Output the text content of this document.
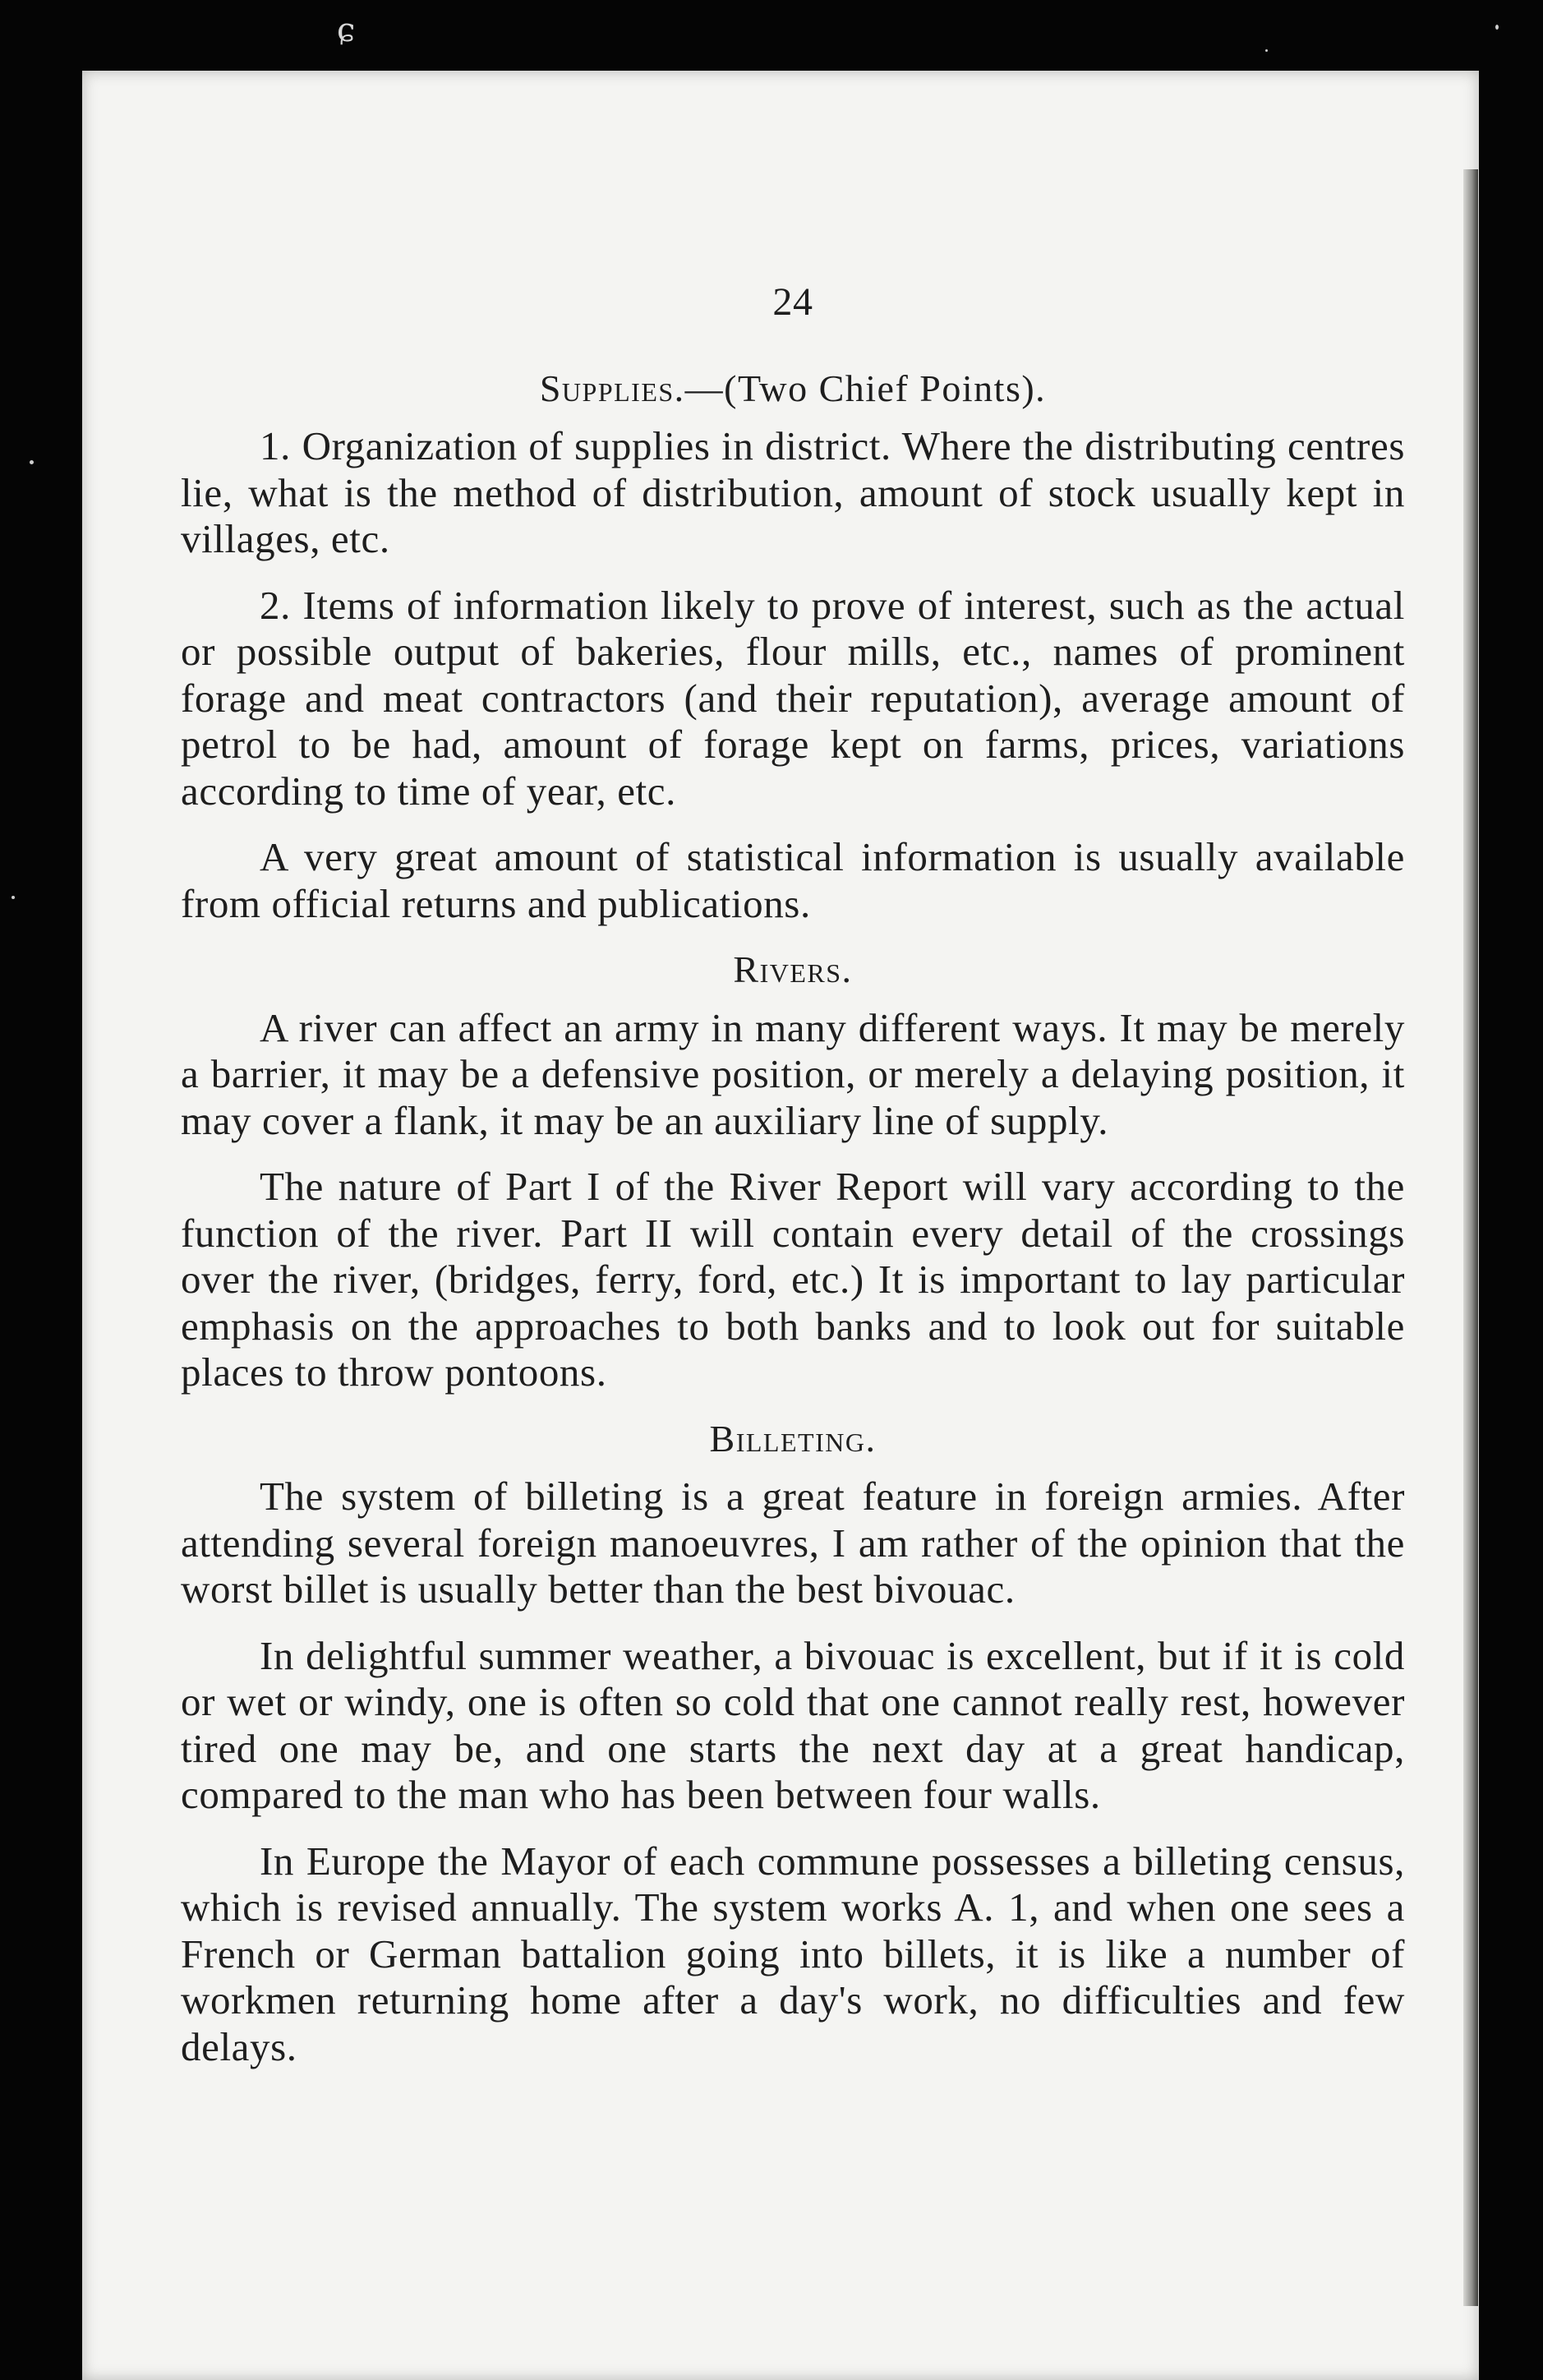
ɕ
24
Supplies.—(Two Chief Points).

1. Organization of supplies in district. Where the distributing centres lie, what is the method of distribution, amount of stock usually kept in villages, etc.

2. Items of information likely to prove of interest, such as the actual or possible output of bakeries, flour mills, etc., names of prominent forage and meat contractors (and their reputation), average amount of petrol to be had, amount of forage kept on farms, prices, variations according to time of year, etc.

A very great amount of statistical information is usually available from official returns and publications.

Rivers.

A river can affect an army in many different ways. It may be merely a barrier, it may be a defensive position, or merely a delaying position, it may cover a flank, it may be an auxiliary line of supply.

The nature of Part I of the River Report will vary according to the function of the river. Part II will contain every detail of the crossings over the river, (bridges, ferry, ford, etc.) It is important to lay particular emphasis on the approaches to both banks and to look out for suitable places to throw pontoons.

Billeting.

The system of billeting is a great feature in foreign armies. After attending several foreign manoeuvres, I am rather of the opinion that the worst billet is usually better than the best bivouac.

In delightful summer weather, a bivouac is excellent, but if it is cold or wet or windy, one is often so cold that one cannot really rest, however tired one may be, and one starts the next day at a great handicap, compared to the man who has been between four walls.

In Europe the Mayor of each commune possesses a billeting census, which is revised annually. The system works A. 1, and when one sees a French or German battalion going into billets, it is like a number of workmen returning home after a day's work, no difficulties and few delays.
